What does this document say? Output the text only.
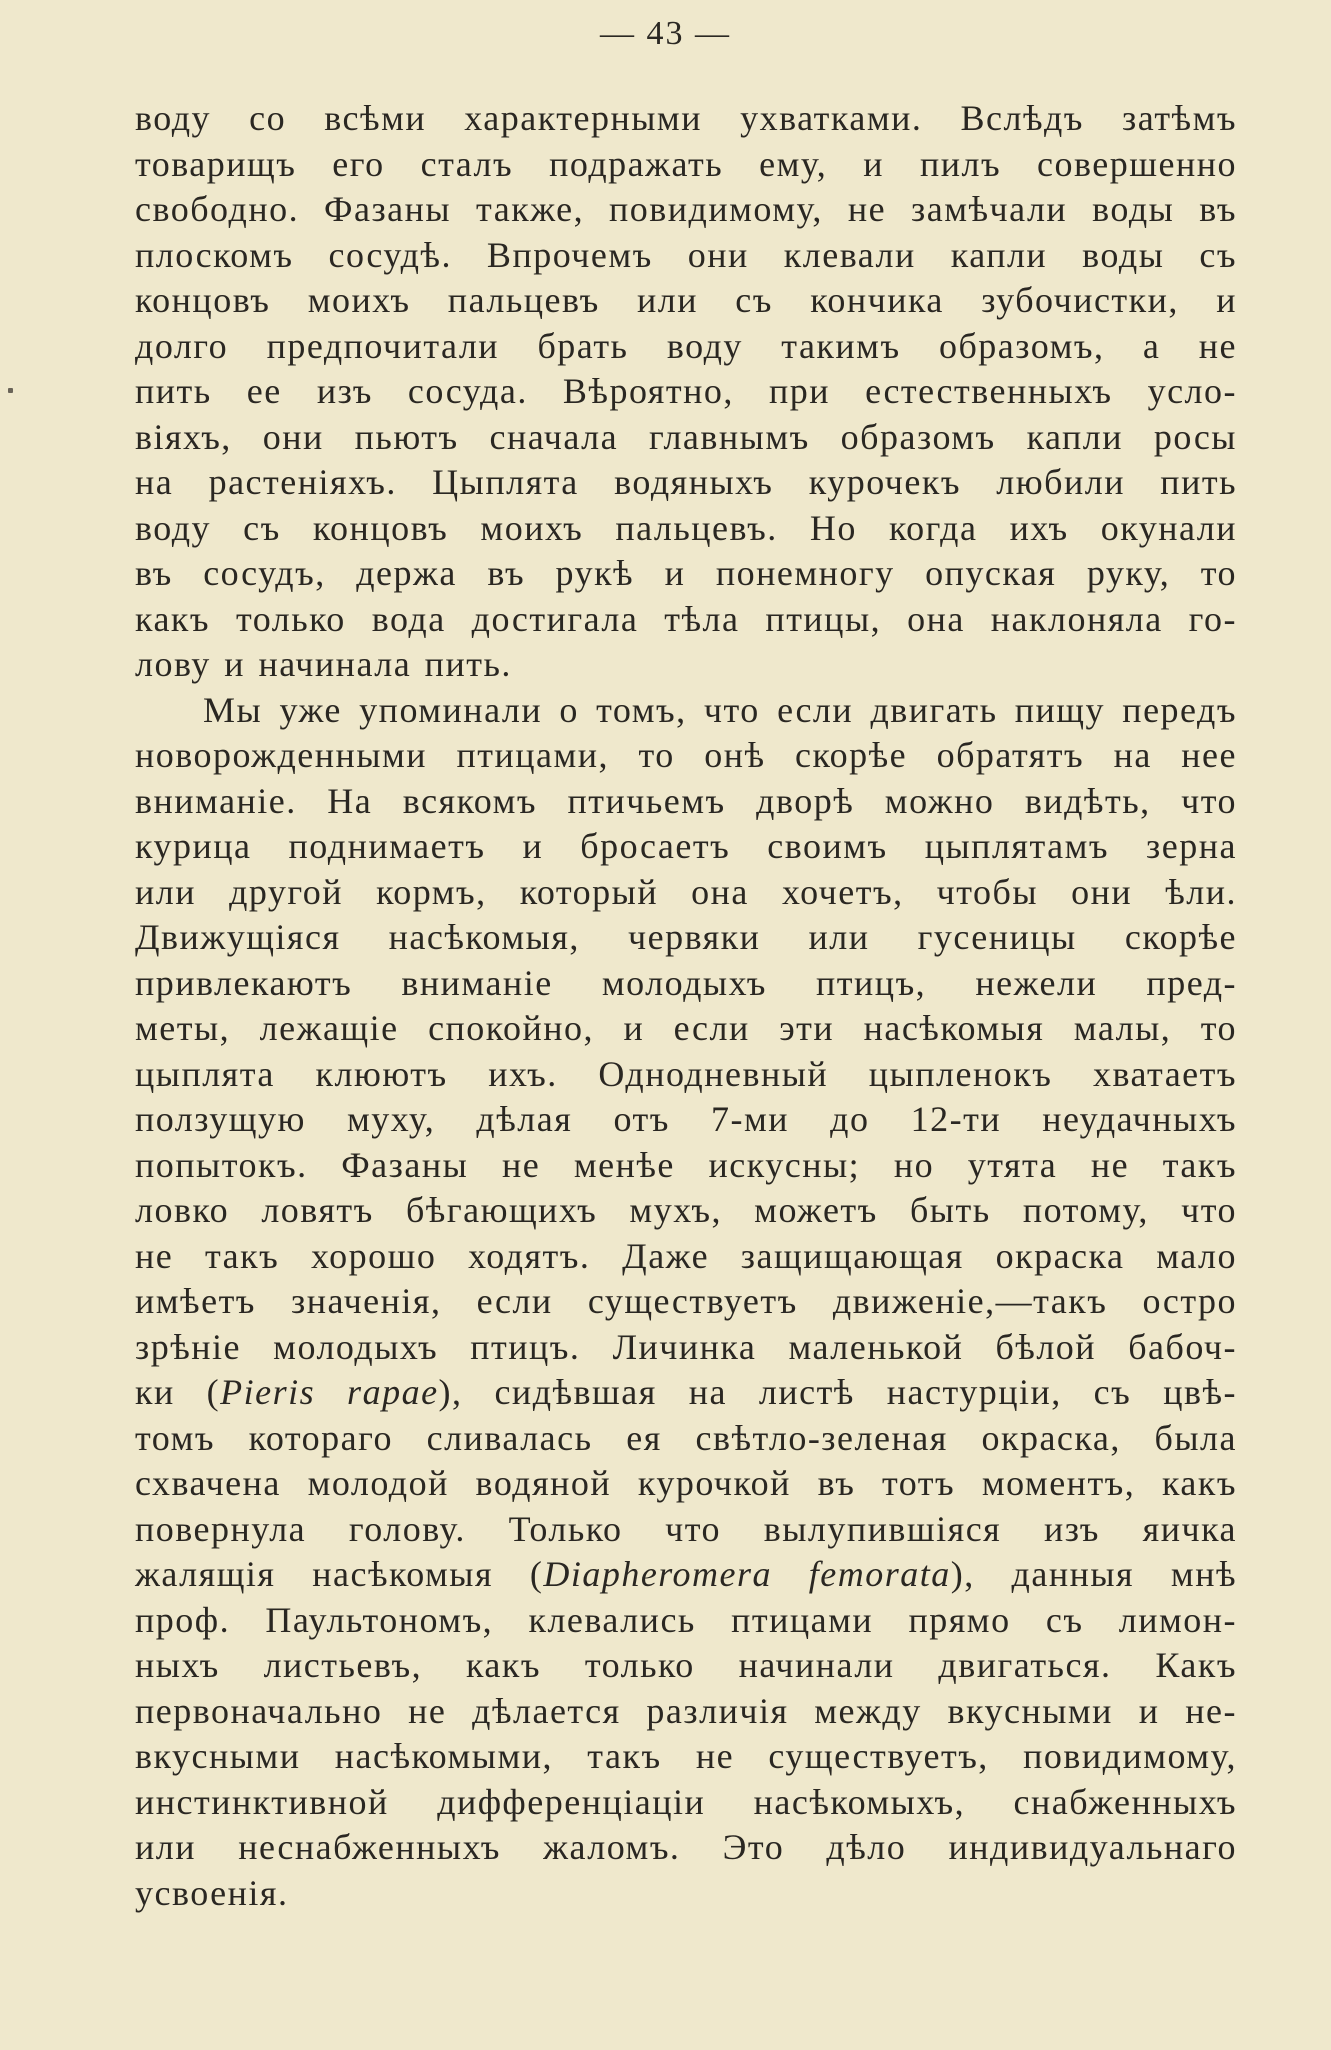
— 43 —
воду со всѣми характерными ухватками. Вслѣдъ затѣмъ
товарищъ его сталъ подражать ему, и пилъ совершенно
свободно. Фазаны также, повидимому, не замѣчали воды въ
плоскомъ сосудѣ. Впрочемъ они клевали капли воды съ
концовъ моихъ пальцевъ или съ кончика зубочистки, и
долго предпочитали брать воду такимъ образомъ, а не
пить ее изъ сосуда. Вѣроятно, при естественныхъ усло-
віяхъ, они пьютъ сначала главнымъ образомъ капли росы
на растеніяхъ. Цыплята водяныхъ курочекъ любили пить
воду съ концовъ моихъ пальцевъ. Но когда ихъ окунали
въ сосудъ, держа въ рукѣ и понемногу опуская руку, то
какъ только вода достигала тѣла птицы, она наклоняла го-
лову и начинала пить.
Мы уже упоминали о томъ, что если двигать пищу передъ
новорожденными птицами, то онѣ скорѣе обратятъ на нее
вниманіе. На всякомъ птичьемъ дворѣ можно видѣть, что
курица поднимаетъ и бросаетъ своимъ цыплятамъ зерна
или другой кормъ, который она хочетъ, чтобы они ѣли.
Движущіяся насѣкомыя, червяки или гусеницы скорѣе
привлекаютъ вниманіе молодыхъ птицъ, нежели пред-
меты, лежащіе спокойно, и если эти насѣкомыя малы, то
цыплята клюютъ ихъ. Однодневный цыпленокъ хватаетъ
ползущую муху, дѣлая отъ 7-ми до 12-ти неудачныхъ
попытокъ. Фазаны не менѣе искусны; но утята не такъ
ловко ловятъ бѣгающихъ мухъ, можетъ быть потому, что
не такъ хорошо ходятъ. Даже защищающая окраска мало
имѣетъ значенія, если существуетъ движеніе,—такъ остро
зрѣніе молодыхъ птицъ. Личинка маленькой бѣлой бабоч-
ки (Pieris rapae), сидѣвшая на листѣ настурціи, съ цвѣ-
томъ котораго сливалась ея свѣтло-зеленая окраска, была
схвачена молодой водяной курочкой въ тотъ моментъ, какъ
повернула голову. Только что вылупившіяся изъ яичка
жалящія насѣкомыя (Diapheromera femorata), данныя мнѣ
проф. Паультономъ, клевались птицами прямо съ лимон-
ныхъ листьевъ, какъ только начинали двигаться. Какъ
первоначально не дѣлается различія между вкусными и не-
вкусными насѣкомыми, такъ не существуетъ, повидимому,
инстинктивной дифференціаціи насѣкомыхъ, снабженныхъ
или неснабженныхъ жаломъ. Это дѣло индивидуальнаго
усвоенія.
